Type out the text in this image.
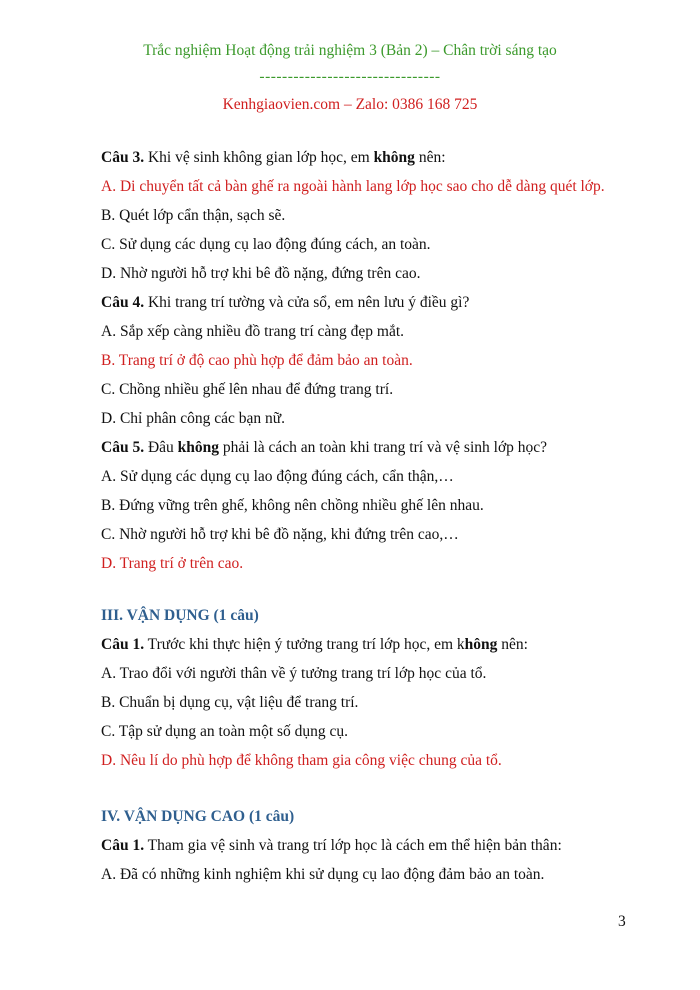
Trắc nghiệm Hoạt động trải nghiệm 3 (Bản 2) – Chân trời sáng tạo
--------------------------------
Kenhgiaovien.com – Zalo: 0386 168 725
Câu 3. Khi vệ sinh không gian lớp học, em không nên:
A. Di chuyển tất cả bàn ghế ra ngoài hành lang lớp học sao cho dễ dàng quét lớp.
B. Quét lớp cẩn thận, sạch sẽ.
C. Sử dụng các dụng cụ lao động đúng cách, an toàn.
D. Nhờ người hỗ trợ khi bê đồ nặng, đứng trên cao.
Câu 4. Khi trang trí tường và cửa sổ, em nên lưu ý điều gì?
A. Sắp xếp càng nhiều đồ trang trí càng đẹp mắt.
B. Trang trí ở độ cao phù hợp để đảm bảo an toàn.
C. Chồng nhiều ghế lên nhau để đứng trang trí.
D. Chỉ phân công các bạn nữ.
Câu 5. Đâu không phải là cách an toàn khi trang trí và vệ sinh lớp học?
A. Sử dụng các dụng cụ lao động đúng cách, cẩn thận,…
B. Đứng vững trên ghế, không nên chồng nhiều ghế lên nhau.
C. Nhờ người hỗ trợ khi bê đồ nặng, khi đứng trên cao,…
D. Trang trí ở trên cao.
III. VẬN DỤNG (1 câu)
Câu 1. Trước khi thực hiện ý tưởng trang trí lớp học, em không nên:
A. Trao đổi với người thân về ý tưởng trang trí lớp học của tổ.
B. Chuẩn bị dụng cụ, vật liệu để trang trí.
C. Tập sử dụng an toàn một số dụng cụ.
D. Nêu lí do phù hợp để không tham gia công việc chung của tổ.
IV. VẬN DỤNG CAO (1 câu)
Câu 1. Tham gia vệ sinh và trang trí lớp học là cách em thể hiện bản thân:
A. Đã có những kinh nghiệm khi sử dụng cụ lao động đảm bảo an toàn.
3
